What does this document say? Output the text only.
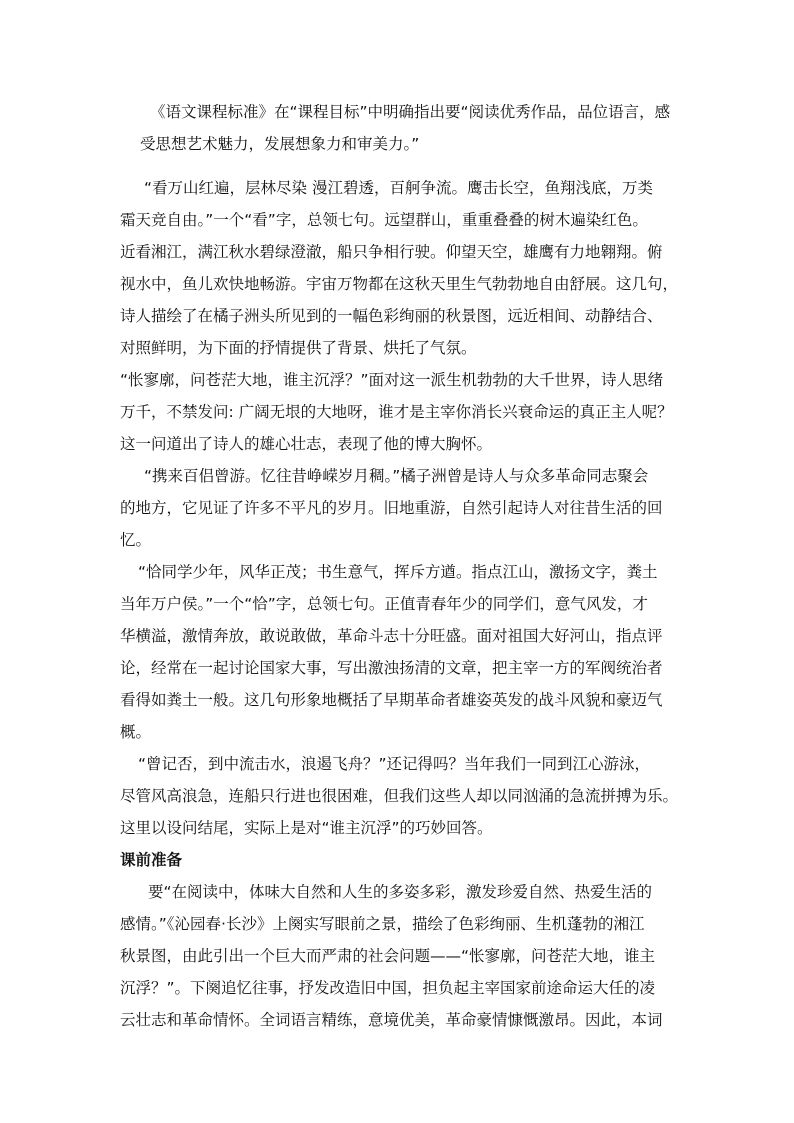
《语文课程标准》在“课程目标”中明确指出要“阅读优秀作品，品位语言，感
受思想艺术魅力，发展想象力和审美力。”
“看万山红遍，层林尽染 漫江碧透，百舸争流。鹰击长空，鱼翔浅底，万类
霜天竞自由。”一个“看”字，总领七句。远望群山，重重叠叠的树木遍染红色。
近看湘江，满江秋水碧绿澄澈，船只争相行驶。仰望天空，雄鹰有力地翱翔。俯
视水中，鱼儿欢快地畅游。宇宙万物都在这秋天里生气勃勃地自由舒展。这几句，
诗人描绘了在橘子洲头所见到的一幅色彩绚丽的秋景图，远近相间、动静结合、
对照鲜明，为下面的抒情提供了背景、烘托了气氛。
“怅寥廓，问苍茫大地，谁主沉浮？”面对这一派生机勃勃的大千世界，诗人思绪
万千，不禁发问: 广阔无垠的大地呀，谁才是主宰你消长兴衰命运的真正主人呢？
这一问道出了诗人的雄心壮志，表现了他的博大胸怀。
“携来百侣曾游。忆往昔峥嵘岁月稠。”橘子洲曾是诗人与众多革命同志聚会
的地方，它见证了许多不平凡的岁月。旧地重游，自然引起诗人对往昔生活的回
忆。
“恰同学少年，风华正茂；书生意气，挥斥方遒。指点江山，激扬文字，粪土
当年万户侯。”一个“恰”字，总领七句。正值青春年少的同学们，意气风发，才
华横溢，激情奔放，敢说敢做，革命斗志十分旺盛。面对祖国大好河山，指点评
论，经常在一起讨论国家大事，写出激浊扬清的文章，把主宰一方的军阀统治者
看得如粪土一般。这几句形象地概括了早期革命者雄姿英发的战斗风貌和豪迈气
概。
“曾记否，到中流击水，浪遏飞舟？”还记得吗？当年我们一同到江心游泳，
尽管风高浪急，连船只行进也很困难，但我们这些人却以同汹涌的急流拼搏为乐。
这里以设问结尾，实际上是对“谁主沉浮”的巧妙回答。
课前准备
要“在阅读中，体味大自然和人生的多姿多彩，激发珍爱自然、热爱生活的
感情。”《沁园春·长沙》上阕实写眼前之景，描绘了色彩绚丽、生机蓬勃的湘江
秋景图，由此引出一个巨大而严肃的社会问题——“怅寥廓，问苍茫大地，谁主
沉浮？”。下阕追忆往事，抒发改造旧中国，担负起主宰国家前途命运大任的凌
云壮志和革命情怀。全词语言精练，意境优美，革命豪情慷慨激昂。因此，本词
